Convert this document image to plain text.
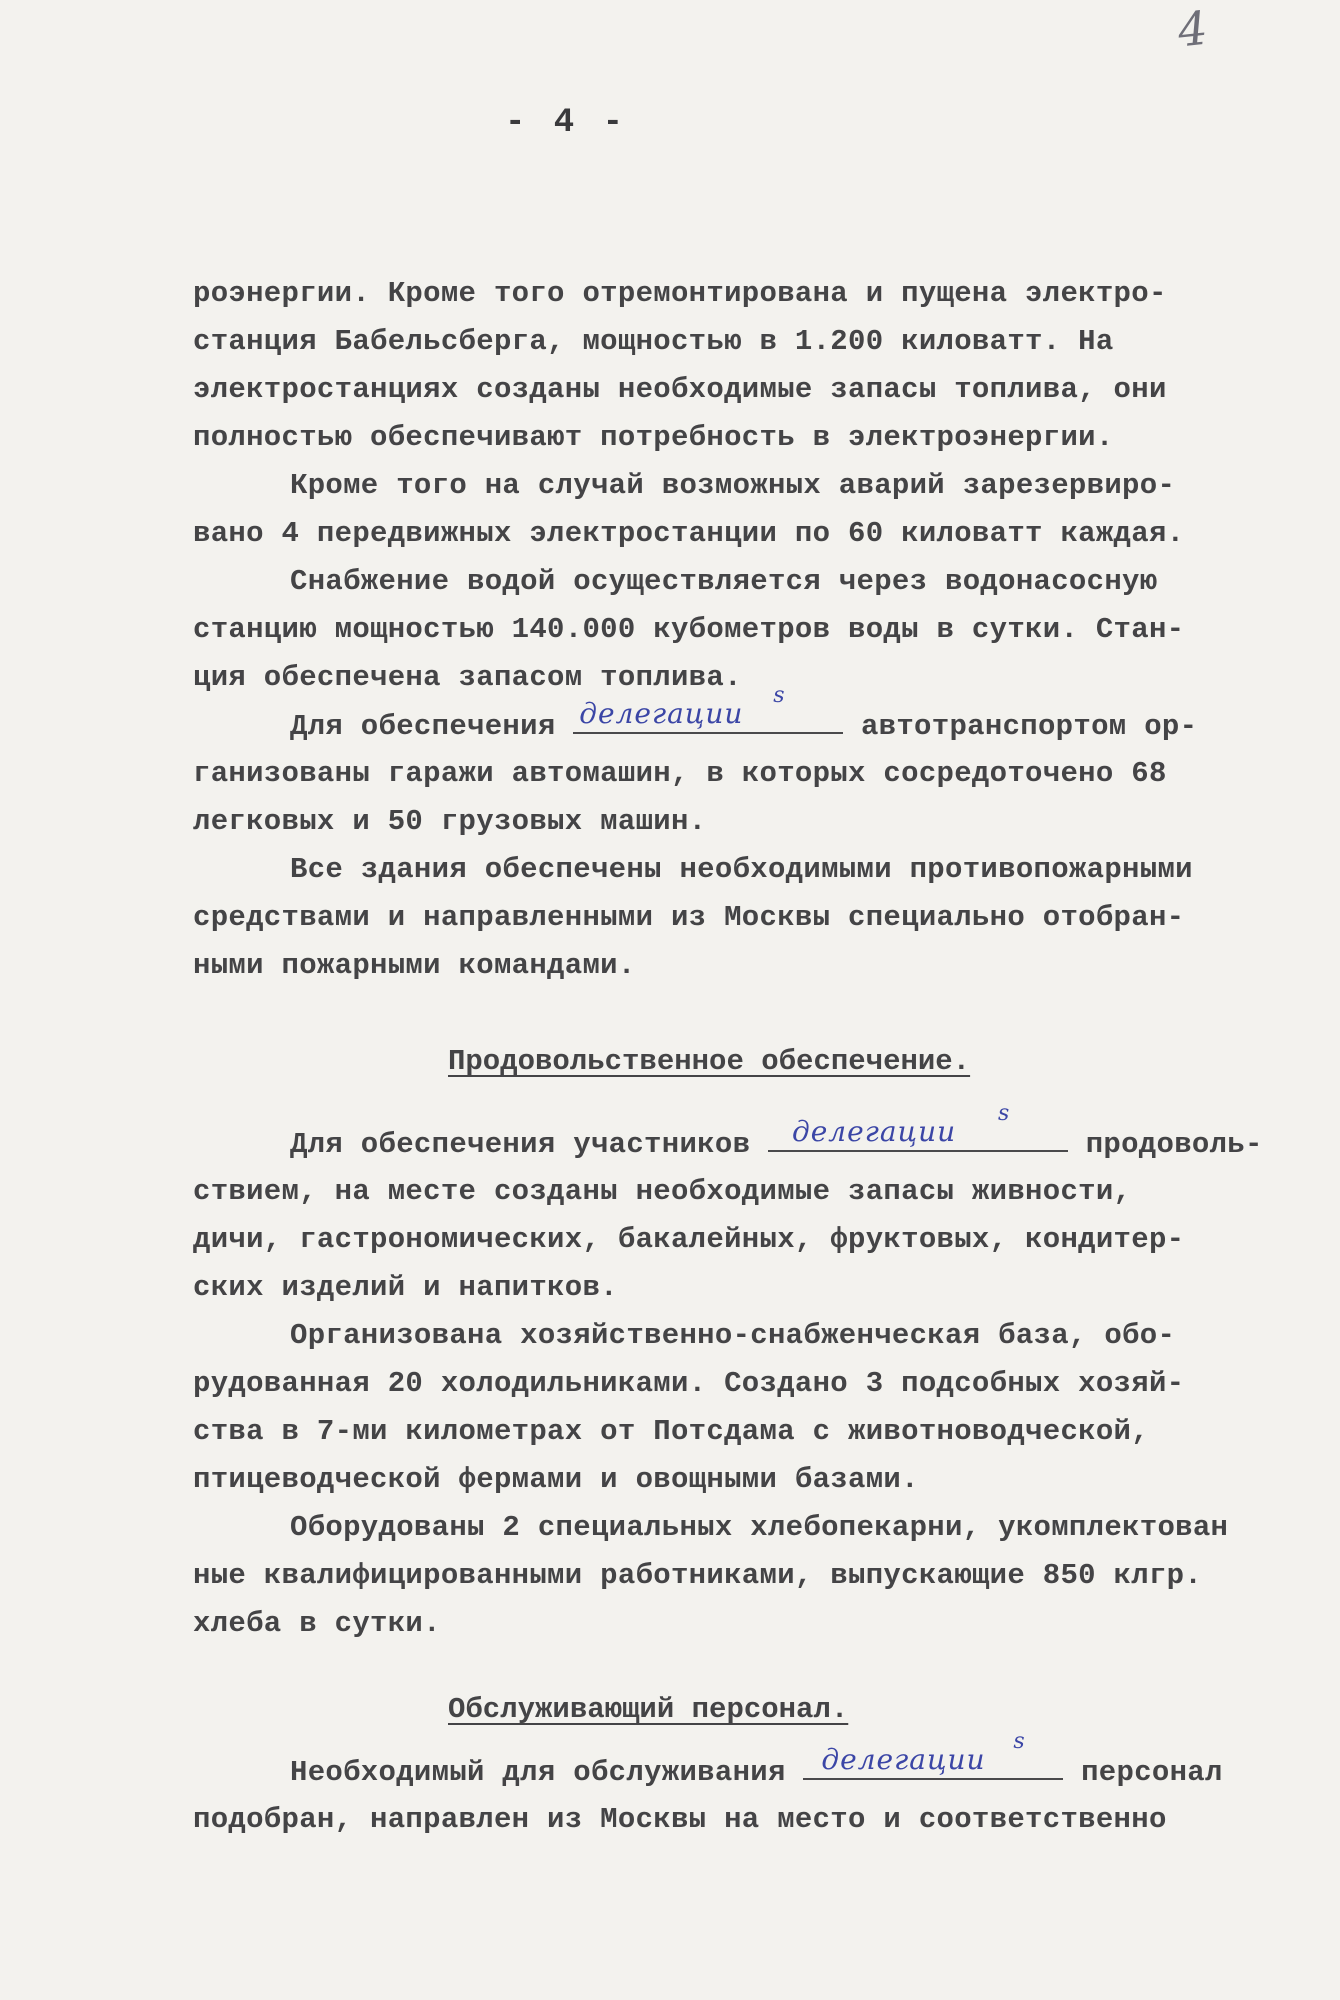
4
- 4 -
роэнергии. Кроме того отремонтирована и пущена электро-
станция Бабельсберга, мощностью в 1.200 киловатт. На
электростанциях созданы необходимые запасы топлива, они
полностью обеспечивают потребность в электроэнергии.
Кроме того на случай возможных аварий зарезервиро-
вано 4 передвижных электростанции по 60 киловатт каждая.
Снабжение водой осуществляется через водонасосную
станцию мощностью 140.000 кубометров воды в сутки. Стан-
ция обеспечена запасом топлива.
Для обеспечения делегации
s
автотранспортом ор-
ганизованы гаражи автомашин, в которых сосредоточено 68
легковых и 50 грузовых машин.
Все здания обеспечены необходимыми противопожарными
средствами и направленными из Москвы специально отобран-
ными пожарными командами.
Продовольственное обеспечение.
Для обеспечения участников делегации
s
продоволь-
ствием, на месте созданы необходимые запасы живности,
дичи, гастрономических, бакалейных, фруктовых, кондитер-
ских изделий и напитков.
Организована хозяйственно-снабженческая база, обо-
рудованная 20 холодильниками. Создано 3 подсобных хозяй-
ства в 7-ми километрах от Потсдама с животноводческой,
птицеводческой фермами и овощными базами.
Оборудованы 2 специальных хлебопекарни, укомплектован
ные квалифицированными работниками, выпускающие 850 клгр.
хлеба в сутки.
Обслуживающий персонал.
Необходимый для обслуживания делегации
s
персонал
подобран, направлен из Москвы на место и соответственно
